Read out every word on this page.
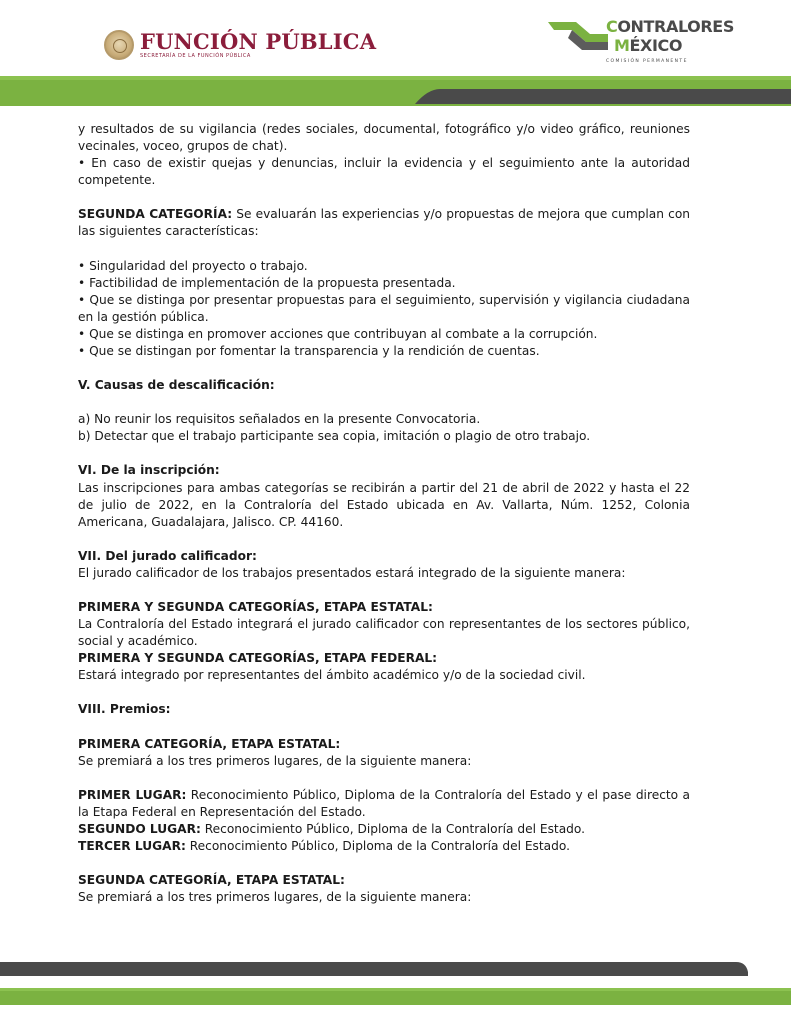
FUNCIÓN PÚBLICA
SECRETARÍA DE LA FUNCIÓN PÚBLICA
CONTRALORES
MÉXICO
COMISIÓN PERMANENTE

y resultados de su vigilancia (redes sociales, documental, fotográfico y/o video gráfico, reuniones vecinales, voceo, grupos de chat).

• En caso de existir quejas y denuncias, incluir la evidencia y el seguimiento ante la autoridad competente.

SEGUNDA CATEGORÍA: Se evaluarán las experiencias y/o propuestas de mejora que cumplan con las siguientes características:

• Singularidad del proyecto o trabajo.

• Factibilidad de implementación de la propuesta presentada.

• Que se distinga por presentar propuestas para el seguimiento, supervisión y vigilancia ciudadana en la gestión pública.

• Que se distinga en promover acciones que contribuyan al combate a la corrupción.

• Que se distingan por fomentar la transparencia y la rendición de cuentas.

V. Causas de descalificación:

a) No reunir los requisitos señalados en la presente Convocatoria.

b) Detectar que el trabajo participante sea copia, imitación o plagio de otro trabajo.

VI. De la inscripción:

Las inscripciones para ambas categorías se recibirán a partir del 21 de abril de 2022 y hasta el 22 de julio de 2022, en la Contraloría del Estado ubicada en Av. Vallarta, Núm. 1252, Colonia Americana, Guadalajara, Jalisco. CP. 44160.

VII. Del jurado calificador:

El jurado calificador de los trabajos presentados estará integrado de la siguiente manera:

PRIMERA Y SEGUNDA CATEGORÍAS, ETAPA ESTATAL:

La Contraloría del Estado integrará el jurado calificador con representantes de los sectores público, social y académico.

PRIMERA Y SEGUNDA CATEGORÍAS, ETAPA FEDERAL:

Estará integrado por representantes del ámbito académico y/o de la sociedad civil.

VIII. Premios:

PRIMERA CATEGORÍA, ETAPA ESTATAL:

Se premiará a los tres primeros lugares, de la siguiente manera:

PRIMER LUGAR: Reconocimiento Público, Diploma de la Contraloría del Estado y el pase directo a la Etapa Federal en Representación del Estado.

SEGUNDO LUGAR: Reconocimiento Público, Diploma de la Contraloría del Estado.

TERCER LUGAR: Reconocimiento Público, Diploma de la Contraloría del Estado.

SEGUNDA CATEGORÍA, ETAPA ESTATAL:

Se premiará a los tres primeros lugares, de la siguiente manera:
